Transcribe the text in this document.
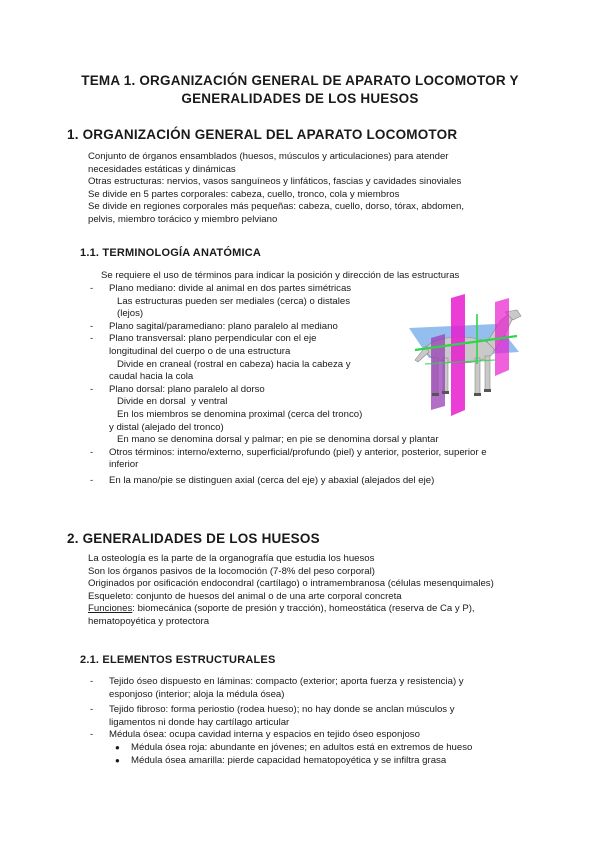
TEMA 1. ORGANIZACIÓN GENERAL DE APARATO LOCOMOTOR Y
GENERALIDADES DE LOS HUESOS
1. ORGANIZACIÓN GENERAL DEL APARATO LOCOMOTOR
Conjunto de órganos ensamblados (huesos, músculos y articulaciones) para atender
necesidades estáticas y dinámicas
Otras estructuras: nervios, vasos sanguíneos y linfáticos, fascias y cavidades sinoviales
Se divide en 5 partes corporales: cabeza, cuello, tronco, cola y miembros
Se divide en regiones corporales más pequeñas: cabeza, cuello, dorso, tórax, abdomen,
pelvis, miembro torácico y miembro pelviano
1.1. TERMINOLOGÍA ANATÓMICA
Se requiere el uso de términos para indicar la posición y dirección de las estructuras
- Plano mediano: divide al animal en dos partes simétricas
Las estructuras pueden ser mediales (cerca) o distales
(lejos)
- Plano sagital/paramediano: plano paralelo al mediano
- Plano transversal: plano perpendicular con el eje
longitudinal del cuerpo o de una estructura
Divide en craneal (rostral en cabeza) hacia la cabeza y
caudal hacia la cola
- Plano dorsal: plano paralelo al dorso
Divide en dorsal  y ventral
En los miembros se denomina proximal (cerca del tronco)
y distal (alejado del tronco)
En mano se denomina dorsal y palmar; en pie se denomina dorsal y plantar
- Otros términos: interno/externo, superficial/profundo (piel) y anterior, posterior, superior e
inferior
- En la mano/pie se distinguen axial (cerca del eje) y abaxial (alejados del eje)
2. GENERALIDADES DE LOS HUESOS
La osteología es la parte de la organografía que estudia los huesos
Son los órganos pasivos de la locomoción (7-8% del peso corporal)
Originados por osificación endocondral (cartílago) o intramembranosa (células mesenquimales)
Esqueleto: conjunto de huesos del animal o de una arte corporal concreta
Funciones: biomecánica (soporte de presión y tracción), homeostática (reserva de Ca y P),
hematopoyética y protectora
2.1. ELEMENTOS ESTRUCTURALES
- Tejido óseo dispuesto en láminas: compacto (exterior; aporta fuerza y resistencia) y
esponjoso (interior; aloja la médula ósea)
- Tejido fibroso: forma periostio (rodea hueso); no hay donde se anclan músculos y
ligamentos ni donde hay cartílago articular
- Médula ósea: ocupa cavidad interna y espacios en tejido óseo esponjoso
● Médula ósea roja: abundante en jóvenes; en adultos está en extremos de hueso
● Médula ósea amarilla: pierde capacidad hematopoyética y se infiltra grasa
